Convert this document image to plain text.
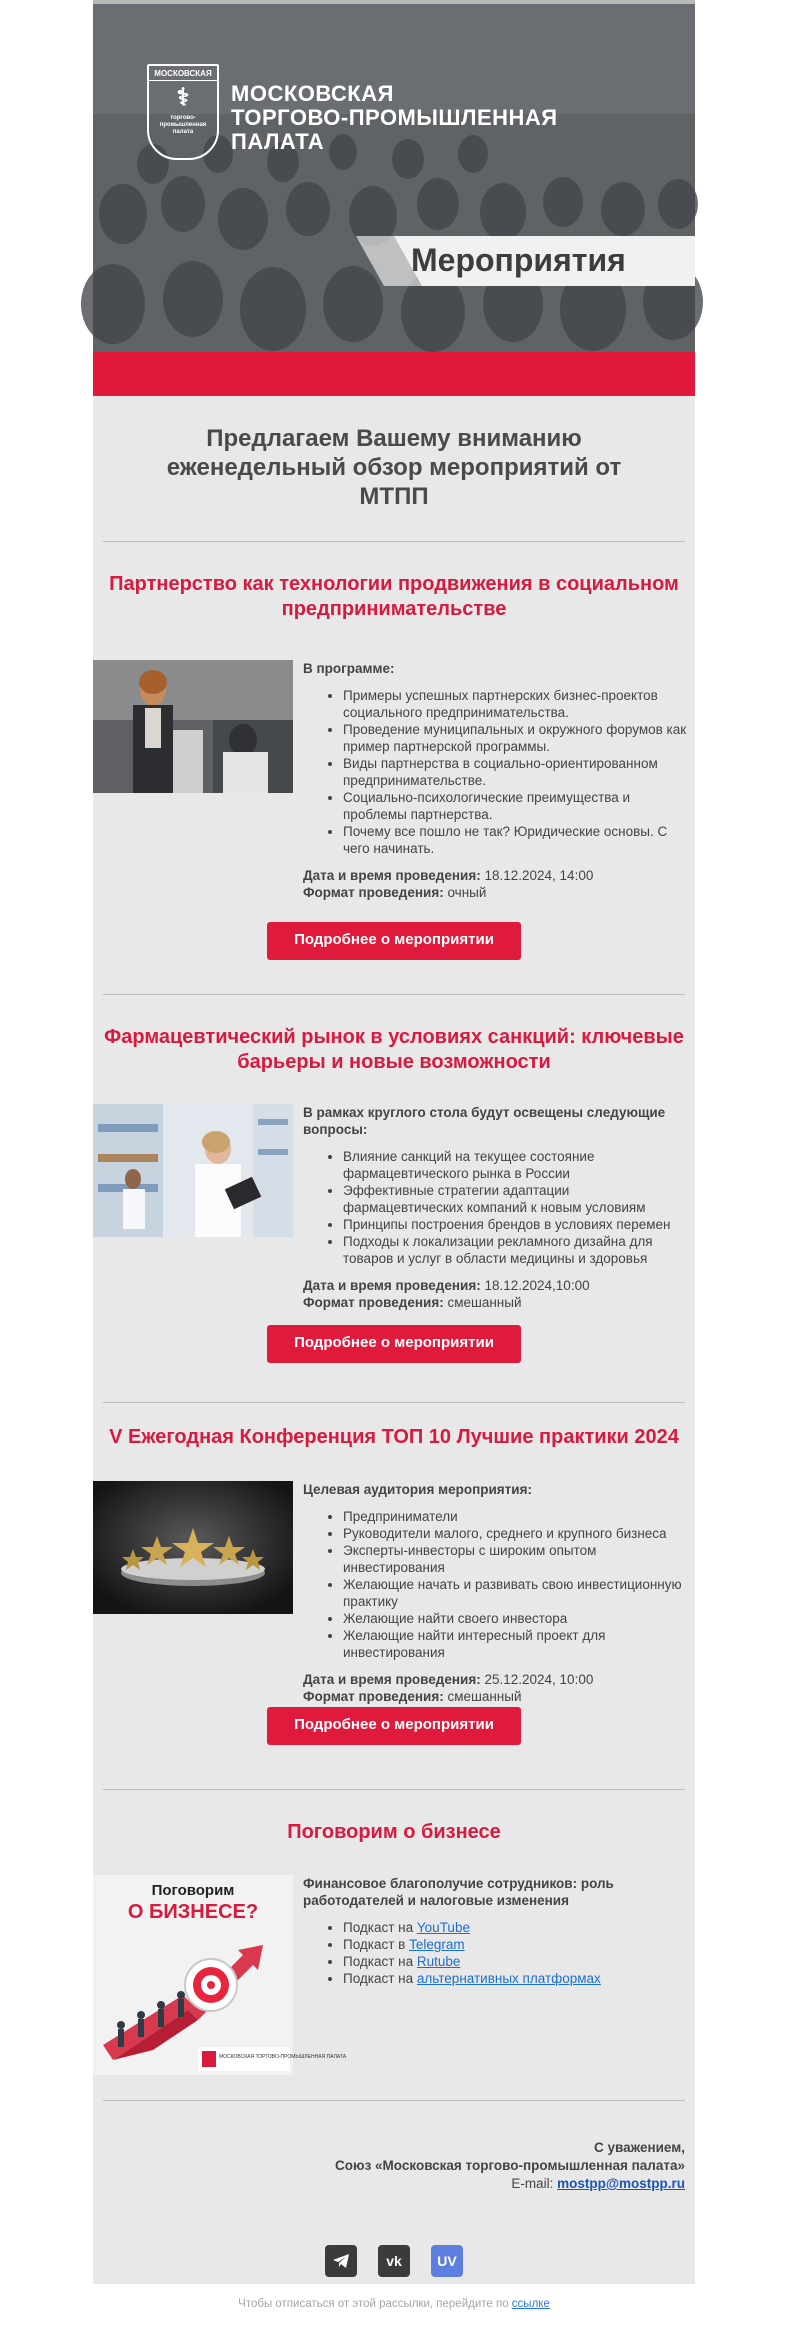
МОСКОВСКАЯ
⚕
торгово-промышленная палата
МОСКОВСКАЯ
ТОРГОВО-ПРОМЫШЛЕННАЯ
ПАЛАТА
Мероприятия
Предлагаем Вашему вниманию еженедельный обзор мероприятий от МТПП
Партнерство как технологии продвижения в социальном предпринимательстве

В программе:

• Примеры успешных партнерских бизнес-проектов социального предпринимательства.
• Проведение муниципальных и окружного форумов как пример партнерской программы.
• Виды партнерства в социально-ориентированном предпринимательстве.
• Социально-психологические преимущества и проблемы партнерства.
• Почему все пошло не так? Юридические основы. С чего начинать.
Дата и время проведения: 18.12.2024, 14:00
Формат проведения: очный
Подробнее о мероприятии
Фармацевтический рынок в условиях санкций: ключевые барьеры и новые возможности

В рамках круглого стола будут освещены следующие вопросы:

• Влияние санкций на текущее состояние фармацевтического рынка в России
• Эффективные стратегии адаптации фармацевтических компаний к новым условиям
• Принципы построения брендов в условиях перемен
• Подходы к локализации рекламного дизайна для товаров и услуг в области медицины и здоровья
Дата и время проведения: 18.12.2024,10:00
Формат проведения: смешанный
Подробнее о мероприятии
V Ежегодная Конференция ТОП 10 Лучшие практики 2024

Целевая аудитория мероприятия:

• Предприниматели
• Руководители малого, среднего и крупного бизнеса
• Эксперты-инвесторы с широким опытом инвестирования
• Желающие начать и развивать свою инвестиционную практику
• Желающие найти своего инвестора
• Желающие найти интересный проект для инвестирования
Дата и время проведения: 25.12.2024, 10:00
Формат проведения: смешанный
Подробнее о мероприятии
Поговорим о бизнесе
Поговорим
О БИЗНЕСЕ?
МОСКОВСКАЯ ТОРГОВО-ПРОМЫШЛЕННАЯ ПАЛАТА

Финансовое благополучие сотрудников: роль работодателей и налоговые изменения

• Подкаст на YouTube
• Подкаст в Telegram
• Подкаст на Rutube
• Подкаст на альтернативных платформах
С уважением,
Союз «Московская торгово-промышленная палата»
E-mail: mostpp@mostpp.ru
vk	UV
Чтобы отписаться от этой рассылки, перейдите по ссылке
